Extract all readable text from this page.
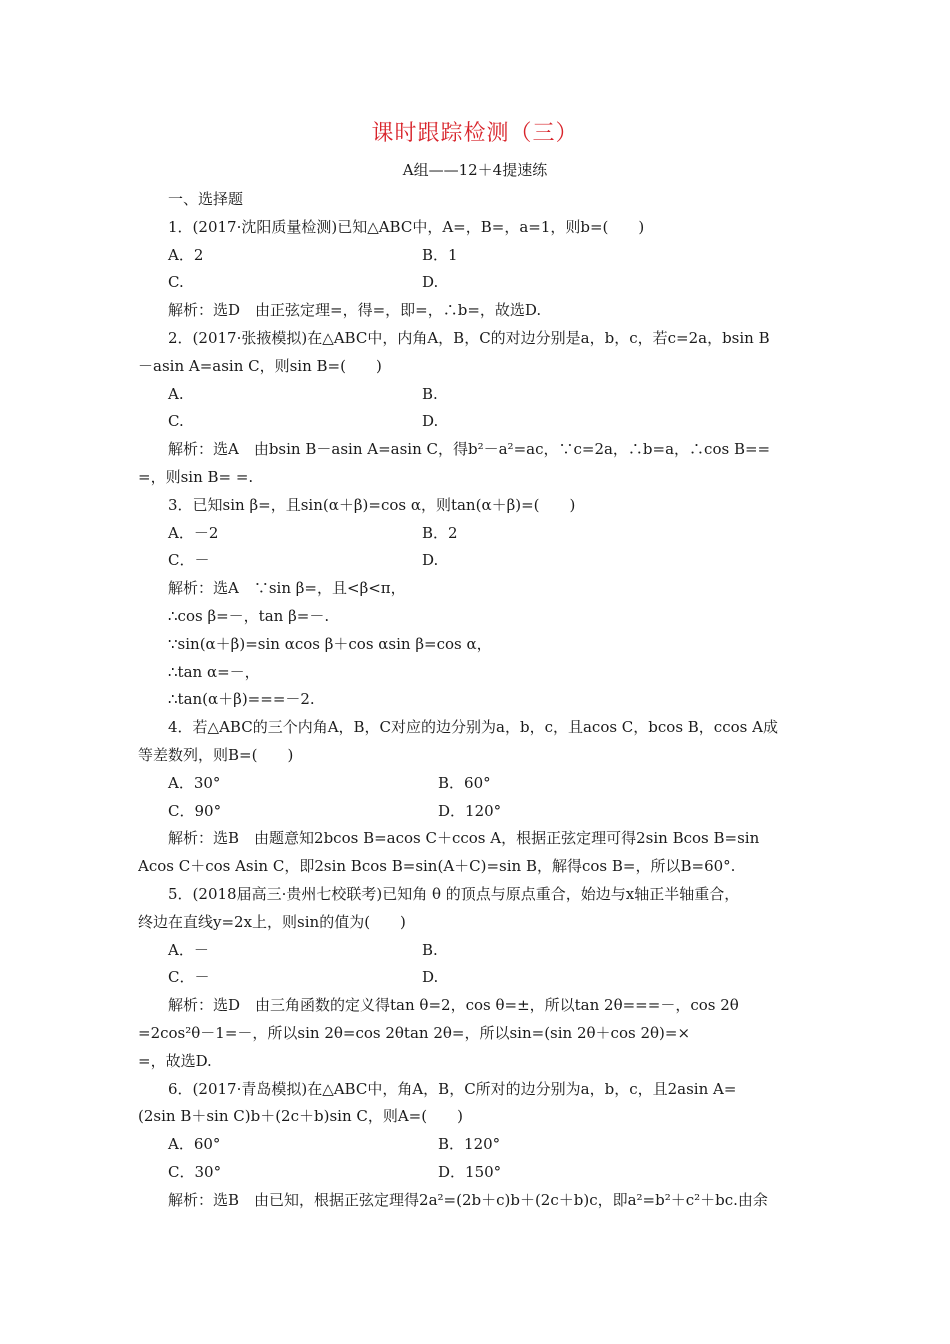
课时跟踪检测（三）
A组——12＋4提速练
一、选择题
1．(2017·沈阳质量检测)已知△ABC中，A=，B=，a=1，则b=(　　)
A．2	B．1
C.	D.
解析：选D　由正弦定理=，得=，即=，∴b=，故选D.
2．(2017·张掖模拟)在△ABC中，内角A，B，C的对边分别是a，b，c，若c=2a，bsin B
－asin A=asin C，则sin B=(　　)
A.	B.
C.	D.
解析：选A　由bsin B－asin A=asin C，得b²－a²=ac，∵c=2a，∴b=a，∴cos B==
=，则sin B= =.
3．已知sin β=，且sin(α＋β)=cos α，则tan(α＋β)=(　　)
A．－2	B．2
C．－	D.
解析：选A　∵sin β=，且<β<π，
∴cos β=－，tan β=－.
∵sin(α＋β)=sin αcos β＋cos αsin β=cos α，
∴tan α=－，
∴tan(α＋β)===－2.
4．若△ABC的三个内角A，B，C对应的边分别为a，b，c，且acos C，bcos B，ccos A成
等差数列，则B=(　　)
A．30°	B．60°
C．90°	D．120°
解析：选B　由题意知2bcos B=acos C＋ccos A，根据正弦定理可得2sin Bcos B=sin
Acos C＋cos Asin C，即2sin Bcos B=sin(A＋C)=sin B，解得cos B=，所以B=60°.
5．(2018届高三·贵州七校联考)已知角 θ 的顶点与原点重合，始边与x轴正半轴重合，
终边在直线y=2x上，则sin的值为(　　)
A．－	B.
C．－	D.
解析：选D　由三角函数的定义得tan θ=2，cos θ=±，所以tan 2θ===－，cos 2θ
=2cos²θ－1=－，所以sin 2θ=cos 2θtan 2θ=，所以sin=(sin 2θ＋cos 2θ)=×
=，故选D.
6．(2017·青岛模拟)在△ABC中，角A，B，C所对的边分别为a，b，c，且2asin A=
(2sin B＋sin C)b＋(2c＋b)sin C，则A=(　　)
A．60°	B．120°
C．30°	D．150°
解析：选B　由已知，根据正弦定理得2a²=(2b＋c)b＋(2c＋b)c，即a²=b²＋c²＋bc.由余
